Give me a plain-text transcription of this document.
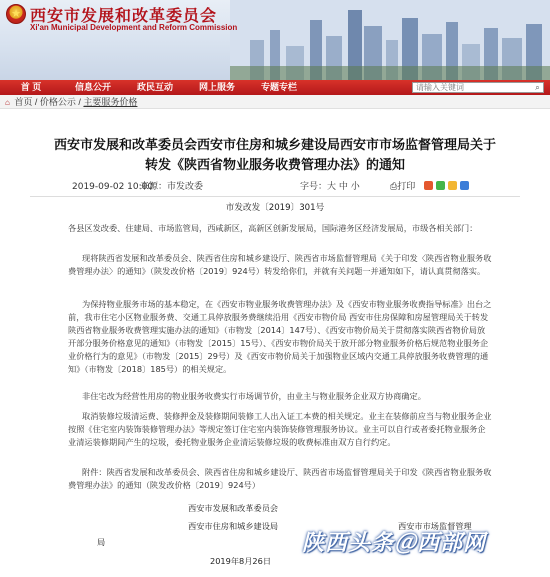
★
西安市发展和改革委员会
Xi'an Municipal Development and Reform Commission
首 页	信息公开	政民互动	网上服务	专题专栏	请输入关键词	⌕
⌂ 首页 / 价格公示 / 主要服务价格
西安市发展和改革委员会西安市住房和城乡建设局西安市市场监督管理局关于
转发《陕西省物业服务收费管理办法》的通知
2019-09-02 10:00
来源：市发改委	字号：大 中 小	⎙打印
市发改发〔2019〕301号
各县区发改委、住建局、市场监管局，西咸新区，高新区创新发展局，国际港务区经济发展局，市级各相关部门：
现将陕西省发展和改革委员会、陕西省住房和城乡建设厅、陕西省市场监督管理局《关于印发〈陕西省物业服务收费管理办法〉的通知》（陕发改价格〔2019〕924号）转发给你们，并就有关问题一并通知如下，请认真贯彻落实。
为保持物业服务市场的基本稳定，在《西安市物业服务收费管理办法》及《西安市物业服务收费指导标准》出台之前，我市住宅小区物业服务费、交通工具停放服务费继续沿用《西安市物价局 西安市住房保障和房屋管理局关于转发陕西省物业服务收费管理实施办法的通知》（市物发〔2014〕147号）、《西安市物价局关于贯彻落实陕西省物价局放开部分服务价格意见的通知》（市物发〔2015〕15号）、《西安市物价局关于放开部分物业服务价格后规范物业服务企业价格行为的意见》（市物发〔2015〕29号）及《西安市物价局关于加强物业区域内交通工具停放服务收费管理的通知》（市物发〔2018〕185号）的相关规定。
非住宅改为经营性用房的物业服务收费实行市场调节价，由业主与物业服务企业双方协商确定。
取消装修垃圾清运费、装修押金及装修期间装修工人出入证工本费的相关规定。业主在装修前应当与物业服务企业按照《住宅室内装饰装修管理办法》等规定签订住宅室内装饰装修管理服务协议。业主可以自行或者委托物业服务企业清运装修期间产生的垃圾，委托物业服务企业清运装修垃圾的收费标准由双方自行约定。
附件：陕西省发展和改革委员会、陕西省住房和城乡建设厅、陕西省市场监督管理局关于印发《陕西省物业服务收费管理办法》的通知（陕发改价格〔2019〕924号）
西安市发展和改革委员会
西安市住房和城乡建设局	西安市市场监督管理
局
2019年8月26日
陕西头条＠西部网
